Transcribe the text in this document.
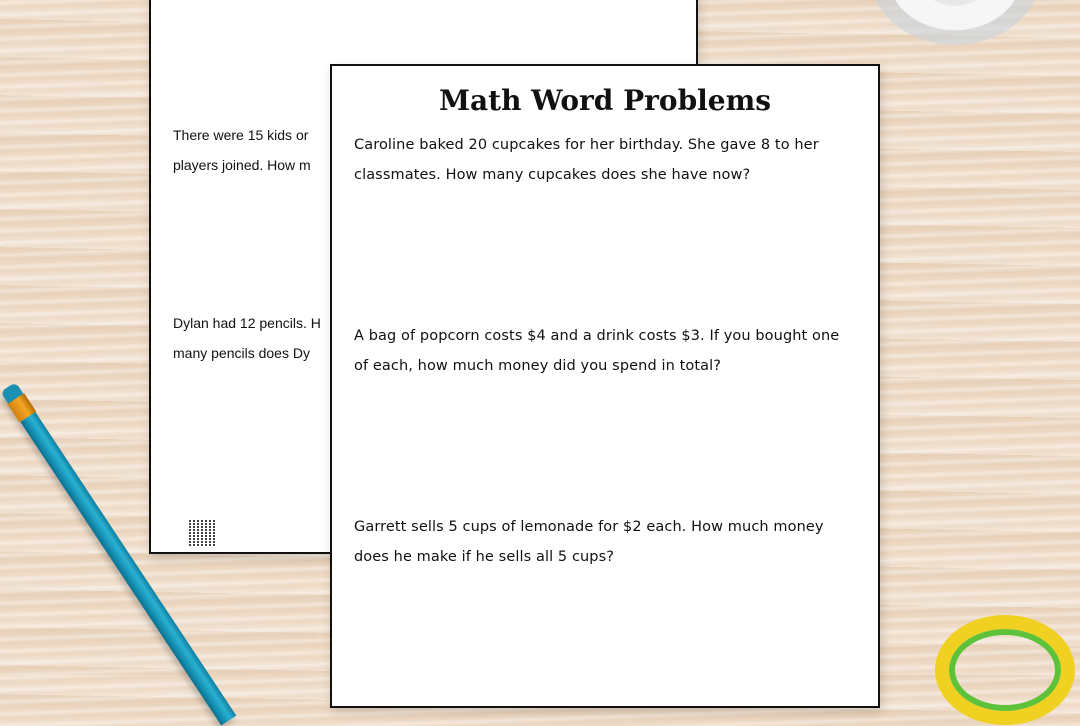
There were 15 kids or
players joined. How m
Dylan had 12 pencils. H
many pencils does Dy
Math Word Problems
Caroline baked 20 cupcakes for her birthday. She gave 8 to her classmates. How many cupcakes does she have now?
A bag of popcorn costs $4 and a drink costs $3. If you bought one of each, how much money did you spend in total?
Garrett sells 5 cups of lemonade for $2 each. How much money does he make if he sells all 5 cups?
